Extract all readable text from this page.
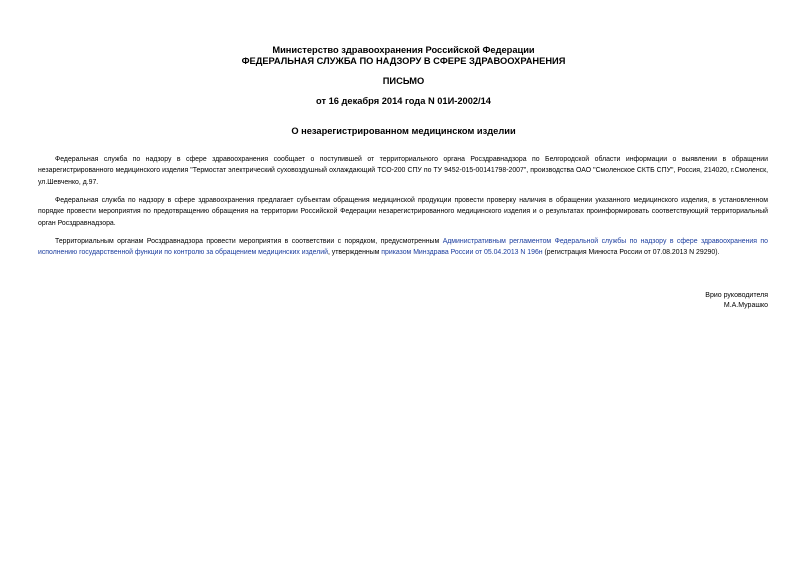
Министерство здравоохранения Российской Федерации
ФЕДЕРАЛЬНАЯ СЛУЖБА ПО НАДЗОРУ В СФЕРЕ ЗДРАВООХРАНЕНИЯ
ПИСЬМО
от 16 декабря 2014 года N 01И-2002/14
О незарегистрированном медицинском изделии

Федеральная служба по надзору в сфере здравоохранения сообщает о поступившей от территориального органа Росздравнадзора по Белгородской области информации о выявлении в обращении незарегистрированного медицинского изделия "Термостат электрический суховоздушный охлаждающий ТСО-200 СПУ по ТУ 9452-015-00141798-2007", производства ОАО "Смоленское СКТБ СПУ", Россия, 214020, г.Смоленск, ул.Шевченко, д.97.

Федеральная служба по надзору в сфере здравоохранения предлагает субъектам обращения медицинской продукции провести проверку наличия в обращении указанного медицинского изделия, в установленном порядке провести мероприятия по предотвращению обращения на территории Российской Федерации незарегистрированного медицинского изделия и о результатах проинформировать соответствующий территориальный орган Росздравнадзора.

Территориальным органам Росздравнадзора провести мероприятия в соответствии с порядком, предусмотренным Административным регламентом Федеральной службы по надзору в сфере здравоохранения по исполнению государственной функции по контролю за обращением медицинских изделий, утвержденным приказом Минздрава России от 05.04.2013 N 196н (регистрация Минюста России от 07.08.2013 N 29290).

Врио руководителя
М.А.Мурашко
